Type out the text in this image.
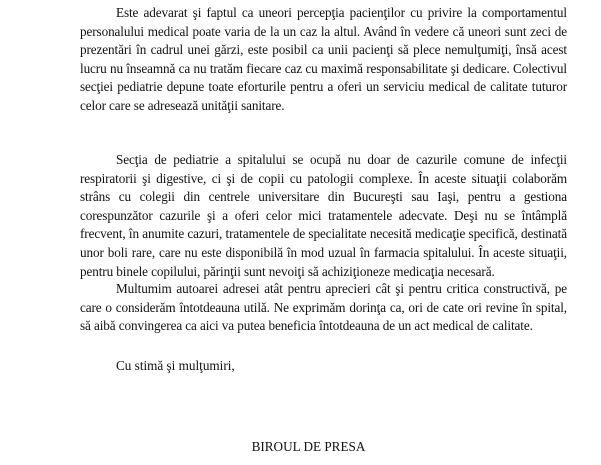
Este adevarat şi faptul ca uneori percepţia pacienţilor cu privire la comportamentul personalului medical poate varia de la un caz la altul. Având în vedere că uneori sunt zeci de prezentări în cadrul unei gărzi, este posibil ca unii pacienţi să plece nemulţumiţi, însă acest lucru nu înseamnă ca nu tratăm fiecare caz cu maximă responsabilitate şi dedicare. Colectivul secţiei pediatrie depune toate eforturile pentru a oferi un serviciu medical de calitate tuturor celor care se adresează unităţii sanitare.

Secţia de pediatrie a spitalului se ocupă nu doar de cazurile comune de infecţii respiratorii şi digestive, ci şi de copii cu patologii complexe. În aceste situaţii colaborăm strâns cu colegii din centrele universitare din Bucureşti sau Iaşi, pentru a gestiona corespunzător cazurile şi a oferi celor mici tratamentele adecvate. Deşi nu se întâmplă frecvent, în anumite cazuri, tratamentele de specialitate necesită medicaţie specifică, destinată unor boli rare, care nu este disponibilă în mod uzual în farmacia spitalului. În aceste situaţii, pentru binele copilului, părinţii sunt nevoiţi să achiziţioneze medicaţia necesară.

Multumim autoarei adresei atât pentru aprecieri cât şi pentru critica constructivă, pe care o considerăm întotdeauna utilă. Ne exprimăm dorinţa ca, ori de cate ori revine în spital, să aibă convingerea ca aici va putea beneficia întotdeauna de un act medical de calitate.

Cu stimă şi mulţumiri,

BIROUL DE PRESA
